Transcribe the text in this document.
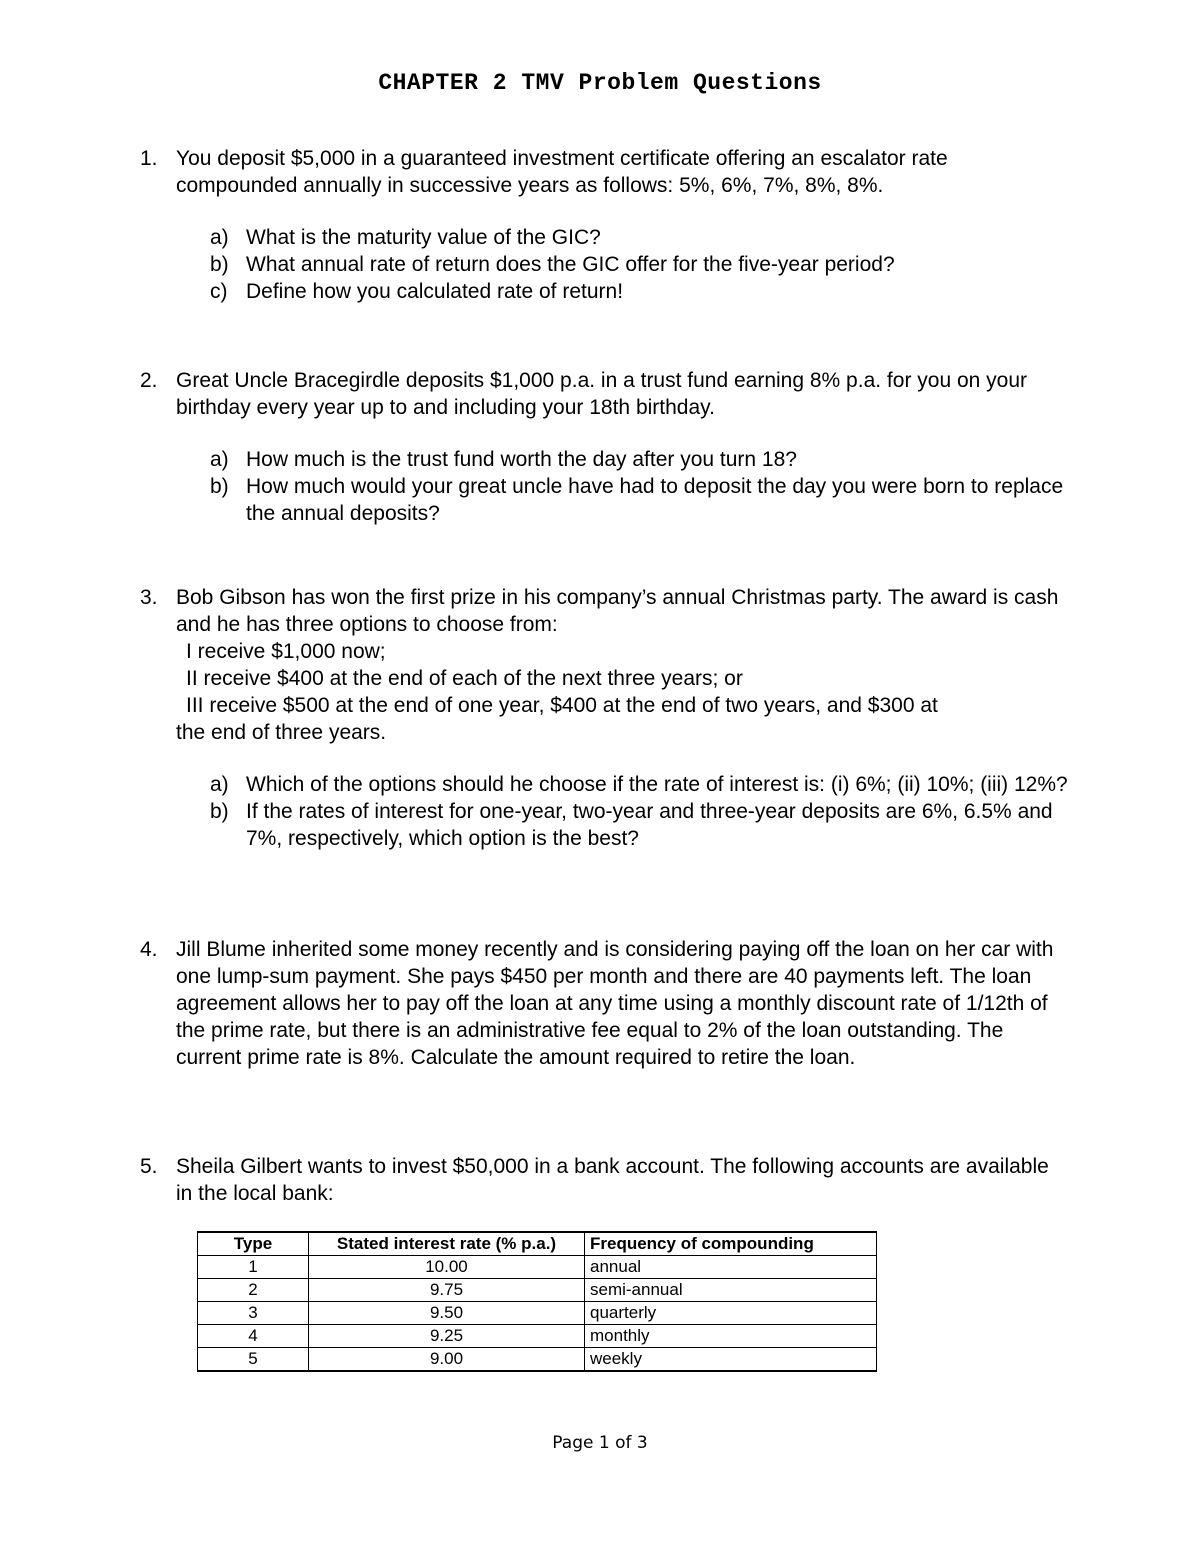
CHAPTER 2 TMV Problem Questions
1. You deposit $5,000 in a guaranteed investment certificate offering an escalator rate compounded annually in successive years as follows: 5%, 6%, 7%, 8%, 8%.

a) What is the maturity value of the GIC?
b) What annual rate of return does the GIC offer for the five-year period?
c) Define how you calculated rate of return!
2. Great Uncle Bracegirdle deposits $1,000 p.a. in a trust fund earning 8% p.a. for you on your birthday every year up to and including your 18th birthday.

a) How much is the trust fund worth the day after you turn 18?
b) How much would your great uncle have had to deposit the day you were born to replace the annual deposits?
3. Bob Gibson has won the first prize in his company’s annual Christmas party. The award is cash and he has three options to choose from:

I receive $1,000 now;
II receive $400 at the end of each of the next three years; or
III receive $500 at the end of one year, $400 at the end of two years, and $300 at
the end of three years.
a) Which of the options should he choose if the rate of interest is: (i) 6%; (ii) 10%; (iii) 12%?
b) If the rates of interest for one-year, two-year and three-year deposits are 6%, 6.5% and 7%, respectively, which option is the best?
4. Jill Blume inherited some money recently and is considering paying off the loan on her car with one lump-sum payment. She pays $450 per month and there are 40 payments left. The loan agreement allows her to pay off the loan at any time using a monthly discount rate of 1/12th of the prime rate, but there is an administrative fee equal to 2% of the loan outstanding. The current prime rate is 8%. Calculate the amount required to retire the loan.

5. Sheila Gilbert wants to invest $50,000 in a bank account. The following accounts are available in the local bank:

Type	Stated interest rate (% p.a.)	Frequency of compounding
1	10.00	annual
2	9.75	semi-annual
3	9.50	quarterly
4	9.25	monthly
5	9.00	weekly
Page 1 of 3
